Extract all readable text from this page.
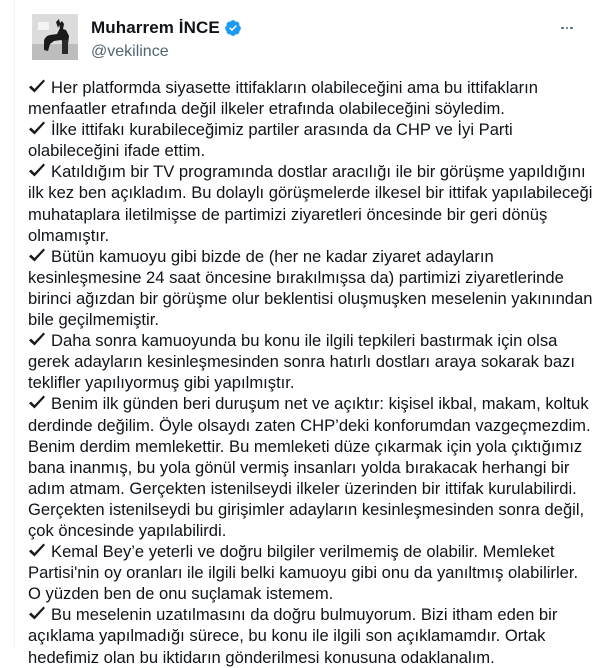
Muharrem İNCE
@vekilince
Her platformda siyasette ittifakların olabileceğini ama bu ittifakların menfaatler etrafında değil ilkeler etrafında olabileceğini söyledim.
İlke ittifakı kurabileceğimiz partiler arasında da CHP ve İyi Parti olabileceğini ifade ettim.
Katıldığım bir TV programında dostlar aracılığı ile bir görüşme yapıldığını ilk kez ben açıkladım. Bu dolaylı görüşmelerde ilkesel bir ittifak yapılabileceği muhataplara iletilmişse de partimizi ziyaretleri öncesinde bir geri dönüş olmamıştır.
Bütün kamuoyu gibi bizde de (her ne kadar ziyaret adayların kesinleşmesine 24 saat öncesine bırakılmışsa da) partimizi ziyaretlerinde birinci ağızdan bir görüşme olur beklentisi oluşmuşken meselenin yakınından bile geçilmemiştir.
Daha sonra kamuoyunda bu konu ile ilgili tepkileri bastırmak için olsa gerek adayların kesinleşmesinden sonra hatırlı dostları araya sokarak bazı teklifler yapılıyormuş gibi yapılmıştır.
Benim ilk günden beri duruşum net ve açıktır: kişisel ikbal, makam, koltuk derdinde değilim. Öyle olsaydı zaten CHP’deki konforumdan vazgeçmezdim. Benim derdim memlekettir. Bu memleketi düze çıkarmak için yola çıktığımız bana inanmış, bu yola gönül vermiş insanları yolda bırakacak herhangi bir adım atmam. Gerçekten istenilseydi ilkeler üzerinden bir ittifak kurulabilirdi. Gerçekten istenilseydi bu girişimler adayların kesinleşmesinden sonra değil, çok öncesinde yapılabilirdi.
Kemal Bey’e yeterli ve doğru bilgiler verilmemiş de olabilir. Memleket Partisi'nin oy oranları ile ilgili belki kamuoyu gibi onu da yanıltmış olabilirler. O yüzden ben de onu suçlamak istemem.
Bu meselenin uzatılmasını da doğru bulmuyorum. Bizi itham eden bir açıklama yapılmadığı sürece, bu konu ile ilgili son açıklamamdır. Ortak hedefimiz olan bu iktidarın gönderilmesi konusuna odaklanalım.
